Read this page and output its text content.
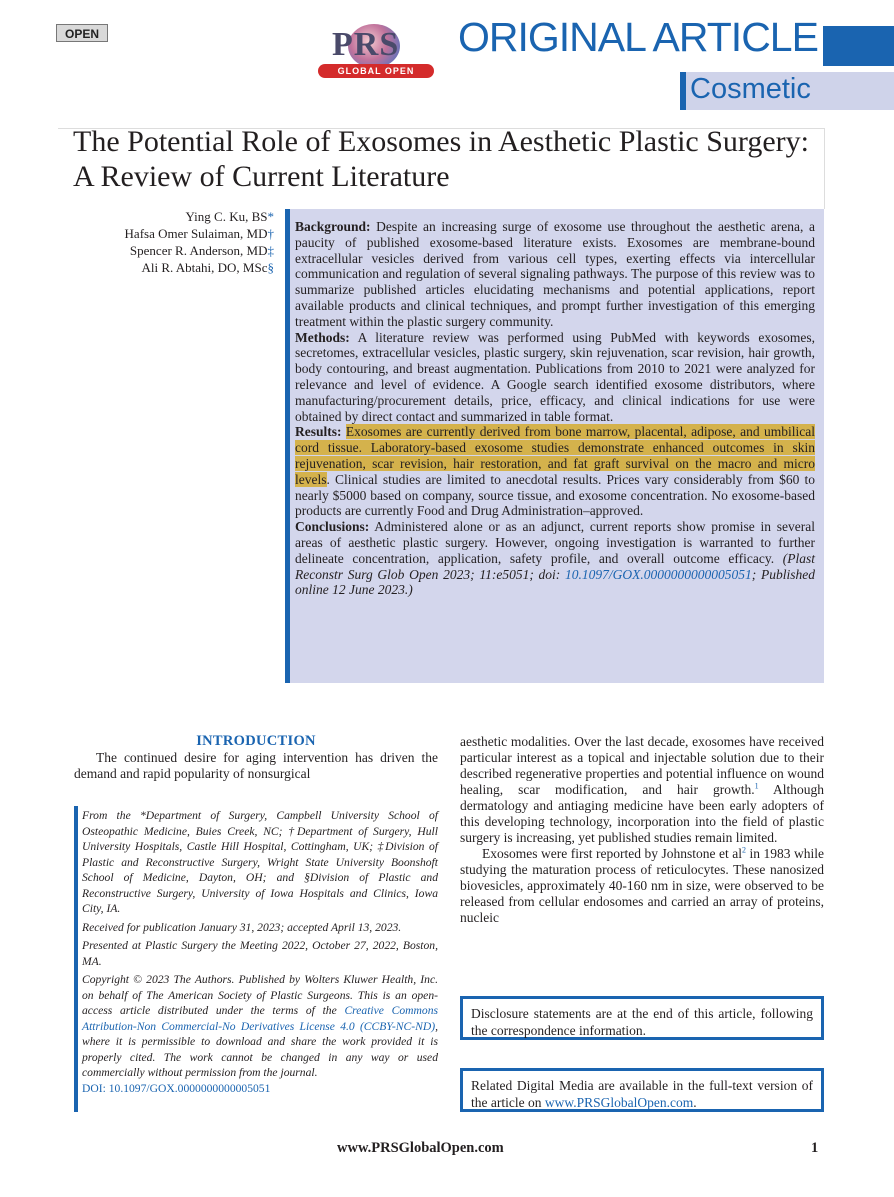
OPEN	PRS
GLOBAL OPEN
ORIGINAL ARTICLE
Cosmetic
The Potential Role of Exosomes in Aesthetic Plastic Surgery: A Review of Current Literature
Ying C. Ku, BS*
Hafsa Omer Sulaiman, MD†
Spencer R. Anderson, MD‡
Ali R. Abtahi, DO, MSc§

Background: Despite an increasing surge of exosome use throughout the aesthetic arena, a paucity of published exosome-based literature exists. Exosomes are membrane-bound extracellular vesicles derived from various cell types, exerting effects via intercellular communication and regulation of several signaling pathways. The purpose of this review was to summarize published articles elucidating mechanisms and potential applications, report available products and clinical techniques, and prompt further investigation of this emerging treatment within the plastic surgery community.

Methods: A literature review was performed using PubMed with keywords exosomes, secretomes, extracellular vesicles, plastic surgery, skin rejuvenation, scar revision, hair growth, body contouring, and breast augmentation. Publications from 2010 to 2021 were analyzed for relevance and level of evidence. A Google search identified exosome distributors, where manufacturing/procurement details, price, efficacy, and clinical indications for use were obtained by direct contact and summarized in table format.

Results: Exosomes are currently derived from bone marrow, placental, adipose, and umbilical cord tissue. Laboratory-based exosome studies demonstrate enhanced outcomes in skin rejuvenation, scar revision, hair restoration, and fat graft survival on the macro and micro levels. Clinical studies are limited to anecdotal results. Prices vary considerably from $60 to nearly $5000 based on company, source tissue, and exosome concentration. No exosome-based products are currently Food and Drug Administration–approved.

Conclusions: Administered alone or as an adjunct, current reports show promise in several areas of aesthetic plastic surgery. However, ongoing investigation is warranted to further delineate concentration, application, safety profile, and overall outcome efficacy. (Plast Reconstr Surg Glob Open 2023; 11:e5051; doi: 10.1097/GOX.0000000000005051; Published online 12 June 2023.)

INTRODUCTION

The continued desire for aging intervention has driven the demand and rapid popularity of nonsurgical

aesthetic modalities. Over the last decade, exosomes have received particular interest as a topical and injectable solution due to their described regenerative properties and potential influence on wound healing, scar modification, and hair growth.$^1$ Although dermatology and antiaging medicine have been early adopters of this developing technology, incorporation into the field of plastic surgery is increasing, yet published studies remain limited.

Exosomes were first reported by Johnstone et $al^2$ in 1983 while studying the maturation process of reticulocytes. These nanosized biovesicles, approximately 40-160 nm in size, were observed to be released from cellular endosomes and carried an array of proteins, nucleic

From the *Department of Surgery, Campbell University School of Osteopathic Medicine, Buies Creek, NC; †Department of Surgery, Hull University Hospitals, Castle Hill Hospital, Cottingham, UK; ‡Division of Plastic and Reconstructive Surgery, Wright State University Boonshoft School of Medicine, Dayton, OH; and §Division of Plastic and Reconstructive Surgery, University of Iowa Hospitals and Clinics, Iowa City, IA.

Received for publication January 31, 2023; accepted April 13, 2023.

Presented at Plastic Surgery the Meeting 2022, October 27, 2022, Boston, MA.

Copyright © 2023 The Authors. Published by Wolters Kluwer Health, Inc. on behalf of The American Society of Plastic Surgeons. This is an open-access article distributed under the terms of the Creative Commons Attribution-Non Commercial-No Derivatives License 4.0 (CCBY-NC-ND), where it is permissible to download and share the work provided it is properly cited. The work cannot be changed in any way or used commercially without permission from the journal.
DOI: 10.1097/GOX.0000000000005051

Disclosure statements are at the end of this article, following the correspondence information.
Related Digital Media are available in the full-text version of the article on www.PRSGlobalOpen.com.
www.PRSGlobalOpen.com	1
